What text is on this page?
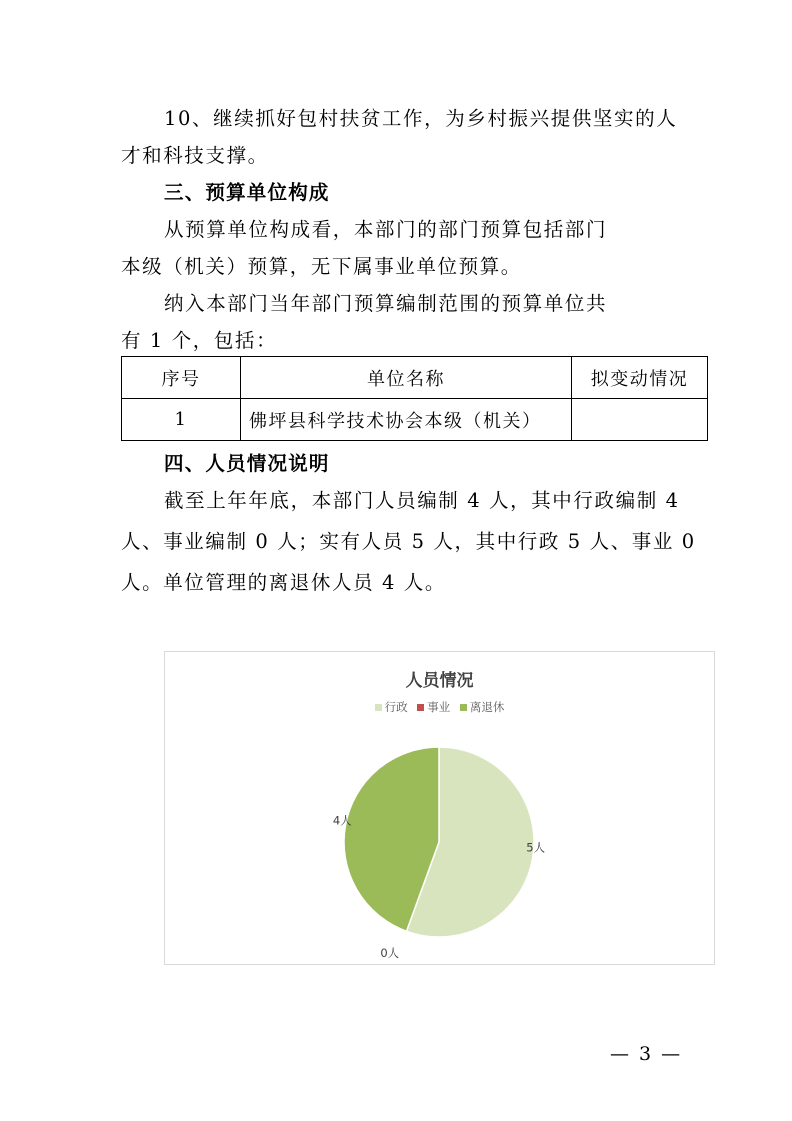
10、继续抓好包村扶贫工作，为乡村振兴提供坚实的人
才和科技支撑。
三、预算单位构成
从预算单位构成看，本部门的部门预算包括部门
本级（机关）预算，无下属事业单位预算。
纳入本部门当年部门预算编制范围的预算单位共
有 1 个，包括：
序号	单位名称	拟变动情况
1	佛坪县科学技术协会本级（机关）	
四、人员情况说明
截至上年年底，本部门人员编制 4 人，其中行政编制 4
人、事业编制 0 人；实有人员 5 人，其中行政 5 人、事业 0
人。单位管理的离退休人员 4 人。
人员情况
行政 事业 离退休
5人
0人
4人
— 3 —
